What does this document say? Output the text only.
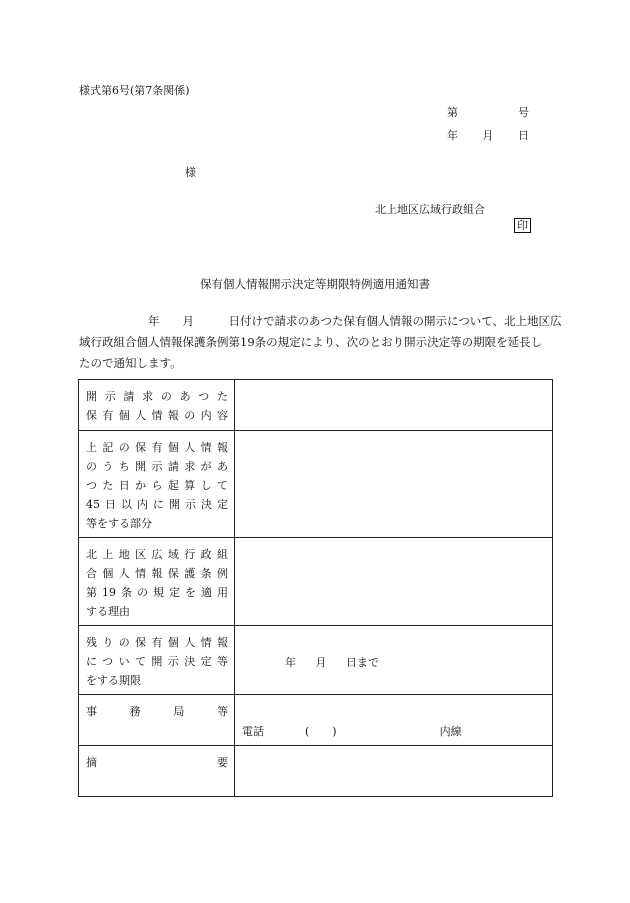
様式第6号(第7条関係)
第	号
年 月 日
様
北上地区広域行政組合
印
保有個人情報開示決定等期限特例適用通知書
　　　　　　年　　月　　　日付けで請求のあつた保有個人情報の開示について、北上地区広
域行政組合個人情報保護条例第19条の規定により、次のとおり開示決定等の期限を延長し
たので通知します。
開示請求のあつた
保有個人情報の内容	

上記の保有個人情報
のうち開示請求があ
つた日から起算して
45日以内に開示決定
等をする部分	

北上地区広域行政組
合個人情報保護条例
第19条の規定を適用
する理由	

残りの保有個人情報
について開示決定等
をする期限	年 月 日まで

事　　務　　局　　等	電話 ( ) 内線

摘　　　　　　　要	
